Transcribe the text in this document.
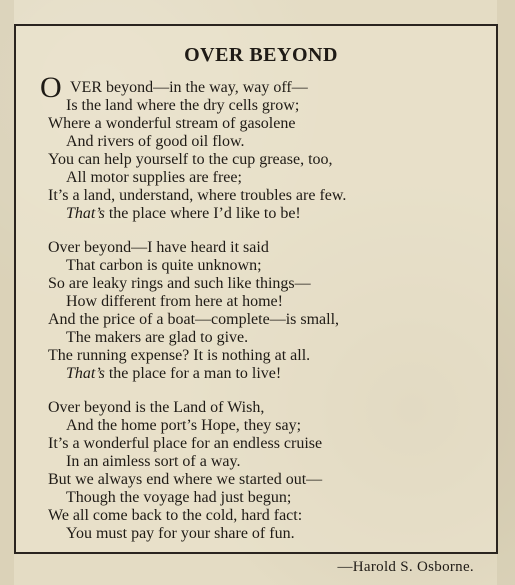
OVER BEYOND
O VER beyond—in the way, way off—
Is the land where the dry cells grow;
Where a wonderful stream of gasolene
And rivers of good oil flow.
You can help yourself to the cup grease, too,
All motor supplies are free;
It’s a land, understand, where troubles are few.
That’s the place where I’d like to be!
Over beyond—I have heard it said
That carbon is quite unknown;
So are leaky rings and such like things—
How different from here at home!
And the price of a boat—complete—is small,
The makers are glad to give.
The running expense? It is nothing at all.
That’s the place for a man to live!
Over beyond is the Land of Wish,
And the home port’s Hope, they say;
It’s a wonderful place for an endless cruise
In an aimless sort of a way.
But we always end where we started out—
Though the voyage had just begun;
We all come back to the cold, hard fact:
You must pay for your share of fun.
—Harold S. Osborne.
